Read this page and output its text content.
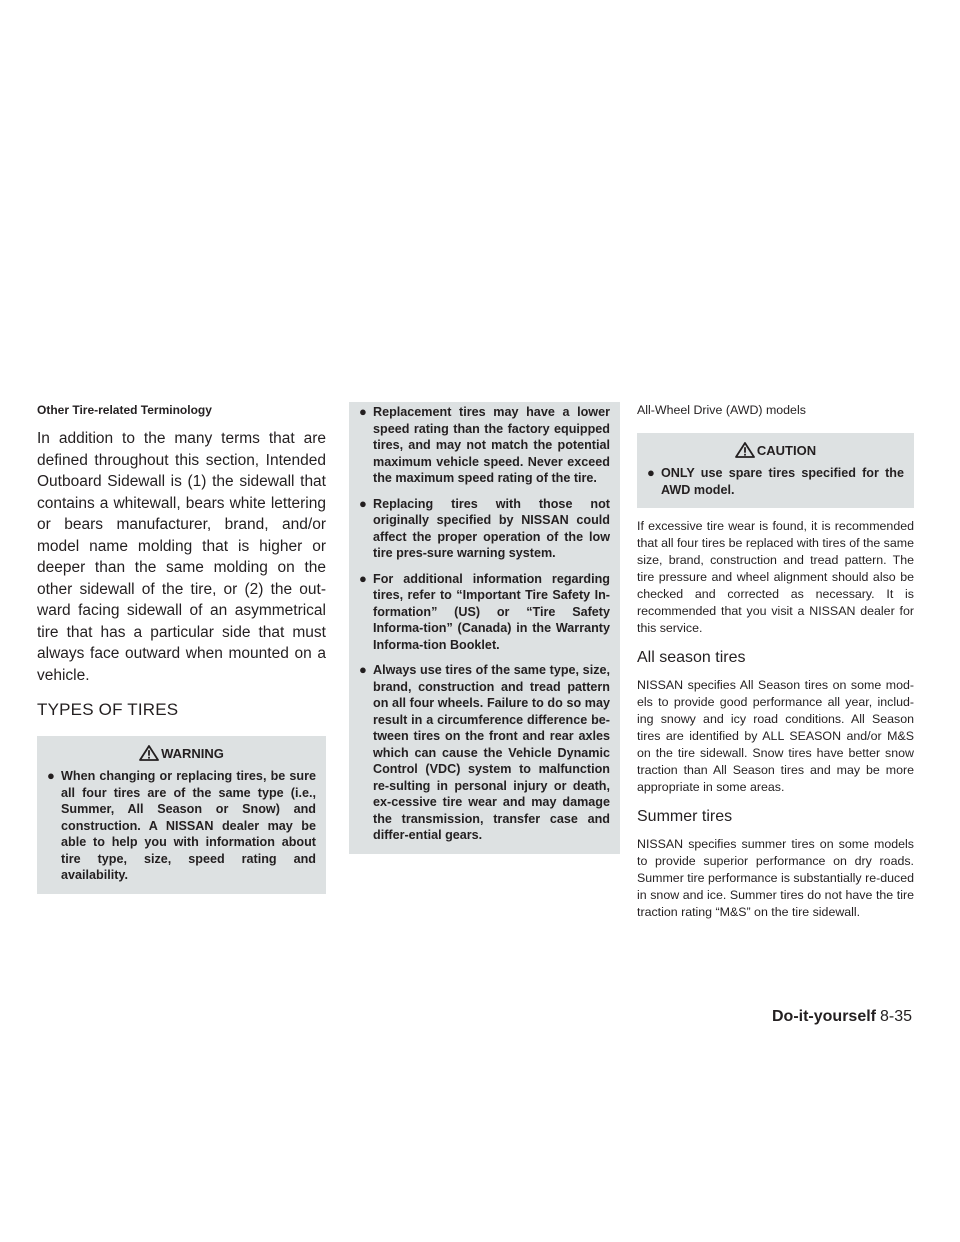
Other Tire-related Terminology

In addition to the many terms that are defined throughout this section, Intended Outboard Sidewall is (1) the sidewall that contains a whitewall, bears white lettering or bears manufacturer, brand, and/or model name molding that is higher or deeper than the same molding on the other sidewall of the tire, or (2) the out-ward facing sidewall of an asymmetrical tire that has a particular side that must always face outward when mounted on a vehicle.

TYPES OF TIRES
WARNING
● When changing or replacing tires, be sure all four tires are of the same type (i.e., Summer, All Season or Snow) and construction. A NISSAN dealer may be able to help you with information about tire type, size, speed rating and availability.
● Replacement tires may have a lower speed rating than the factory equipped tires, and may not match the potential maximum vehicle speed. Never exceed the maximum speed rating of the tire.
● Replacing tires with those not originally specified by NISSAN could affect the proper operation of the low tire pres-sure warning system.
● For additional information regarding tires, refer to “Important Tire Safety In-formation” (US) or “Tire Safety Informa-tion” (Canada) in the Warranty Informa-tion Booklet.
● Always use tires of the same type, size, brand, construction and tread pattern on all four wheels. Failure to do so may result in a circumference difference be-tween tires on the front and rear axles which can cause the Vehicle Dynamic Control (VDC) system to malfunction re-sulting in personal injury or death, ex-cessive tire wear and may damage the transmission, transfer case and differ-ential gears.

All-Wheel Drive (AWD) models

CAUTION
● ONLY use spare tires specified for the AWD model.

If excessive tire wear is found, it is recommended that all four tires be replaced with tires of the same size, brand, construction and tread pattern. The tire pressure and wheel alignment should also be checked and corrected as necessary. It is recommended that you visit a NISSAN dealer for this service.

All season tires

NISSAN specifies All Season tires on some mod-els to provide good performance all year, includ-ing snowy and icy road conditions. All Season tires are identified by ALL SEASON and/or M&S on the tire sidewall. Snow tires have better snow traction than All Season tires and may be more appropriate in some areas.

Summer tires

NISSAN specifies summer tires on some models to provide superior performance on dry roads. Summer tire performance is substantially re-duced in snow and ice. Summer tires do not have the tire traction rating “M&S” on the tire sidewall.

Do-it-yourself 8-35
